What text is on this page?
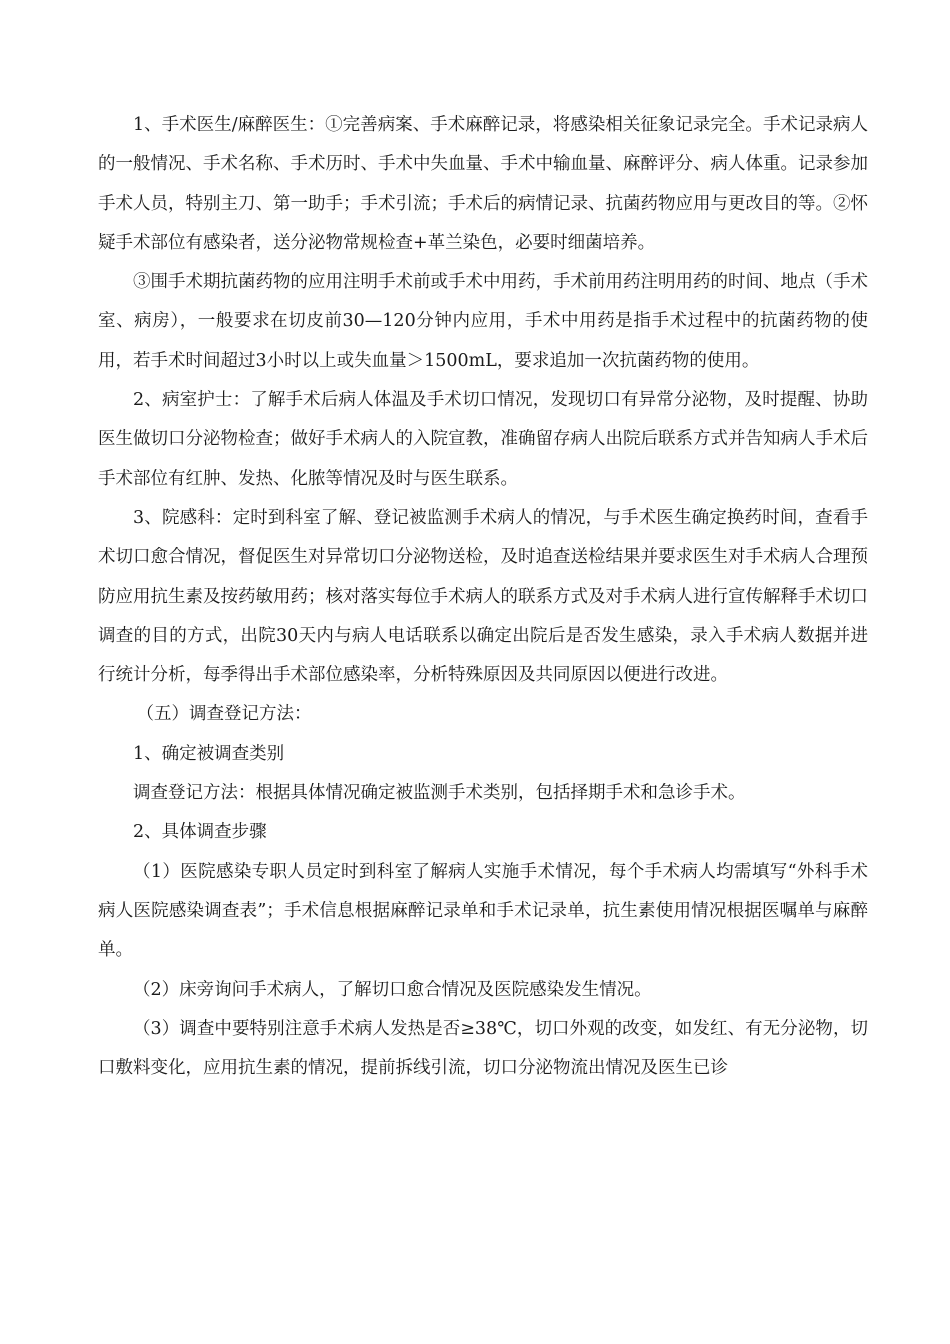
1、手术医生/麻醉医生：①完善病案、手术麻醉记录，将感染相关征象记录完全。手术记录病人的一般情况、手术名称、手术历时、手术中失血量、手术中输血量、麻醉评分、病人体重。记录参加手术人员，特别主刀、第一助手；手术引流；手术后的病情记录、抗菌药物应用与更改目的等。②怀疑手术部位有感染者，送分泌物常规检查+革兰染色，必要时细菌培养。

③围手术期抗菌药物的应用注明手术前或手术中用药，手术前用药注明用药的时间、地点（手术室、病房），一般要求在切皮前30—120分钟内应用，手术中用药是指手术过程中的抗菌药物的使用，若手术时间超过3小时以上或失血量＞1500mL，要求追加一次抗菌药物的使用。

2、病室护士：了解手术后病人体温及手术切口情况，发现切口有异常分泌物，及时提醒、协助医生做切口分泌物检查；做好手术病人的入院宣教，准确留存病人出院后联系方式并告知病人手术后手术部位有红肿、发热、化脓等情况及时与医生联系。

3、院感科：定时到科室了解、登记被监测手术病人的情况，与手术医生确定换药时间，查看手术切口愈合情况，督促医生对异常切口分泌物送检，及时追查送检结果并要求医生对手术病人合理预防应用抗生素及按药敏用药；核对落实每位手术病人的联系方式及对手术病人进行宣传解释手术切口调查的目的方式，出院30天内与病人电话联系以确定出院后是否发生感染，录入手术病人数据并进行统计分析，每季得出手术部位感染率，分析特殊原因及共同原因以便进行改进。

（五）调查登记方法：

1、确定被调查类别

调查登记方法：根据具体情况确定被监测手术类别，包括择期手术和急诊手术。

2、具体调查步骤

（1）医院感染专职人员定时到科室了解病人实施手术情况，每个手术病人均需填写“外科手术病人医院感染调查表”；手术信息根据麻醉记录单和手术记录单，抗生素使用情况根据医嘱单与麻醉单。

（2）床旁询问手术病人，了解切口愈合情况及医院感染发生情况。

（3）调查中要特别注意手术病人发热是否≥38℃，切口外观的改变，如发红、有无分泌物，切口敷料变化，应用抗生素的情况，提前拆线引流，切口分泌物流出情况及医生已诊
